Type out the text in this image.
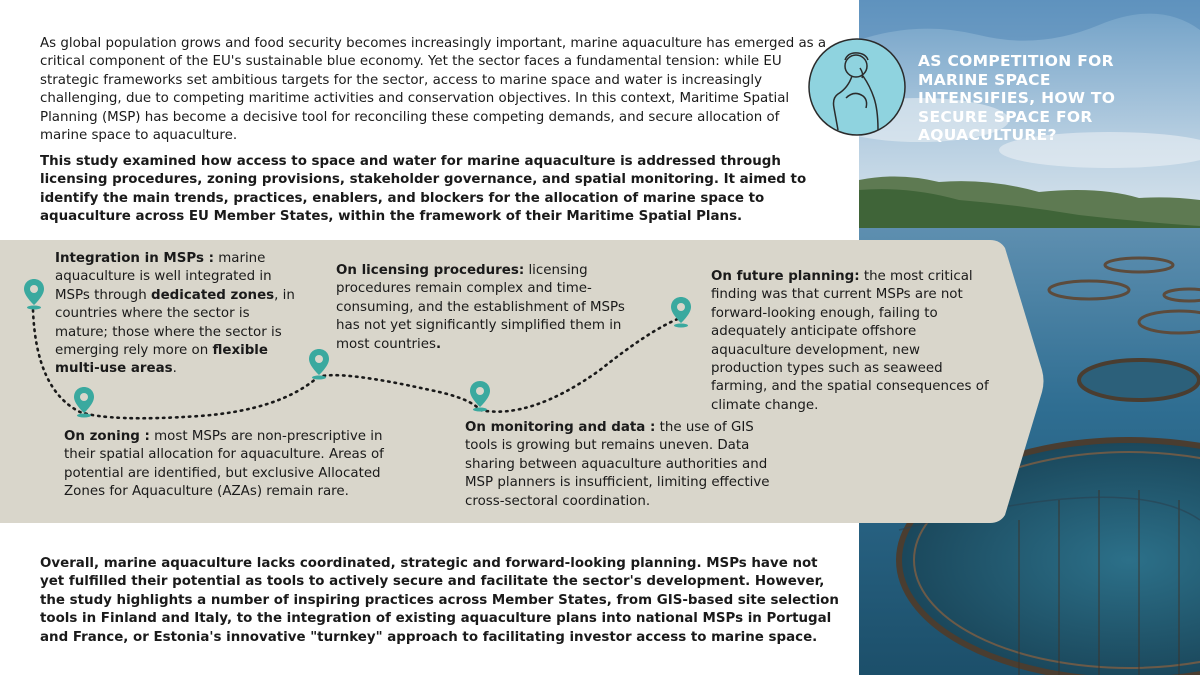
As global population grows and food security becomes increasingly important, marine aquaculture has emerged as a critical component of the EU's sustainable blue economy. Yet the sector faces a fundamental tension: while EU strategic frameworks set ambitious targets for the sector, access to marine space and water is increasingly challenging, due to competing maritime activities and conservation objectives. In this context, Maritime Spatial Planning (MSP) has become a decisive tool for reconciling these competing demands, and secure allocation of marine space to aquaculture.

This study examined how access to space and water for marine aquaculture is addressed through licensing procedures, zoning provisions, stakeholder governance, and spatial monitoring. It aimed to identify the main trends, practices, enablers, and blockers for the allocation of marine space to aquaculture across EU Member States, within the framework of their Maritime Spatial Plans.

AS COMPETITION FOR MARINE SPACE INTENSIFIES, HOW TO SECURE SPACE FOR AQUACULTURE?

Integration in MSPs : marine aquaculture is well integrated in MSPs through dedicated zones, in countries where the sector is mature; those where the sector is emerging rely more on flexible multi-use areas.

On zoning : most MSPs are non-prescriptive in their spatial allocation for aquaculture. Areas of potential are identified, but exclusive Allocated Zones for Aquaculture (AZAs) remain rare.

On licensing procedures: licensing procedures remain complex and time-consuming, and the establishment of MSPs has not yet significantly simplified them in most countries.

On monitoring and data : the use of GIS tools is growing but remains uneven. Data sharing between aquaculture authorities and MSP planners is insufficient, limiting effective cross-sectoral coordination.

On future planning: the most critical finding was that current MSPs are not forward-looking enough, failing to adequately anticipate offshore aquaculture development, new production types such as seaweed farming, and the spatial consequences of climate change.

Overall, marine aquaculture lacks coordinated, strategic and forward-looking planning. MSPs have not yet fulfilled their potential as tools to actively secure and facilitate the sector's development. However, the study highlights a number of inspiring practices across Member States, from GIS-based site selection tools in Finland and Italy, to the integration of existing aquaculture plans into national MSPs in Portugal and France, or Estonia's innovative "turnkey" approach to facilitating investor access to marine space.
